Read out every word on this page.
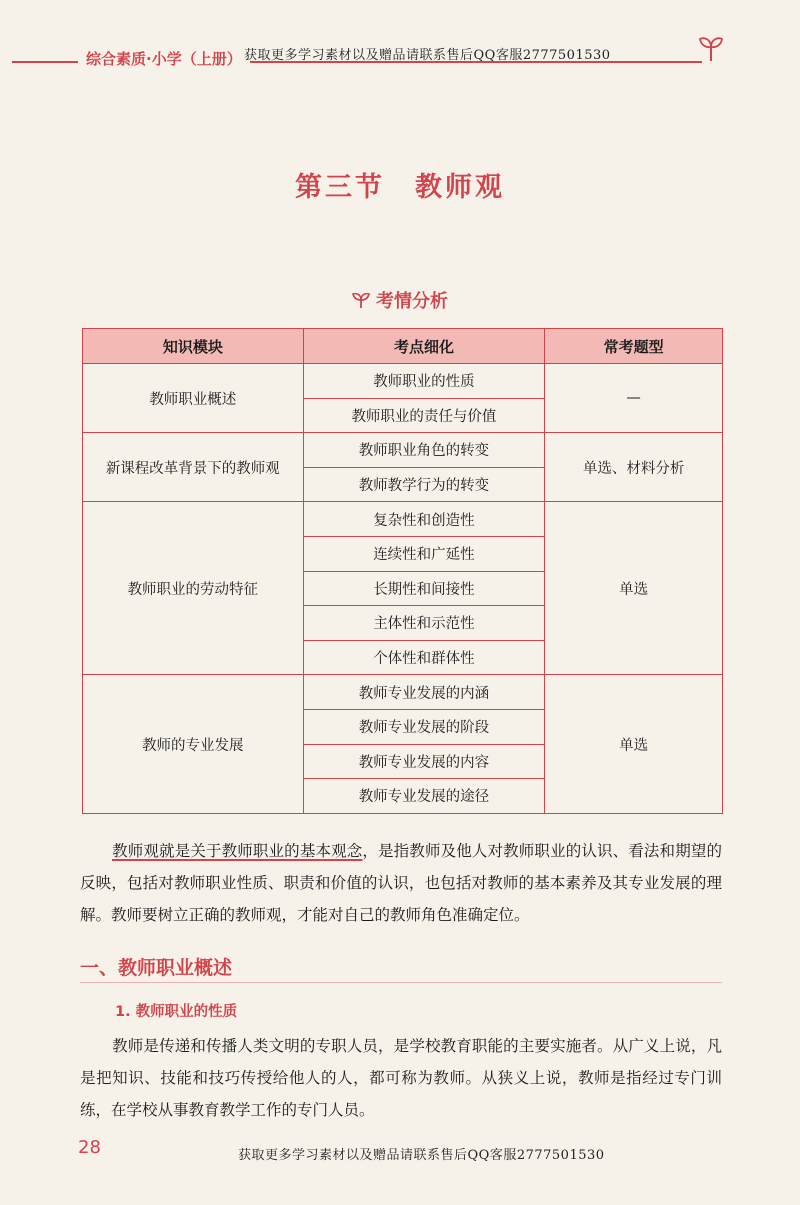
综合素质·小学（上册） 获取更多学习素材以及赠品请联系售后QQ客服2777501530
第三节　教师观
考情分析
知识模块	考点细化	常考题型
教师职业概述	教师职业的性质	—
	教师职业的责任与价值	
新课程改革背景下的教师观	教师职业角色的转变	单选、材料分析
	教师教学行为的转变	
教师职业的劳动特征	复杂性和创造性	单选
	连续性和广延性	
	长期性和间接性	
	主体性和示范性	
	个体性和群体性	
教师的专业发展	教师专业发展的内涵	单选
	教师专业发展的阶段	
	教师专业发展的内容	
	教师专业发展的途径	
教师观就是关于教师职业的基本观念，是指教师及他人对教师职业的认识、看法和期望的反映，包括对教师职业性质、职责和价值的认识，也包括对教师的基本素养及其专业发展的理解。教师要树立正确的教师观，才能对自己的教师角色准确定位。
一、教师职业概述
1. 教师职业的性质
教师是传递和传播人类文明的专职人员，是学校教育职能的主要实施者。从广义上说，凡是把知识、技能和技巧传授给他人的人，都可称为教师。从狭义上说，教师是指经过专门训练，在学校从事教育教学工作的专门人员。
28	获取更多学习素材以及赠品请联系售后QQ客服2777501530
